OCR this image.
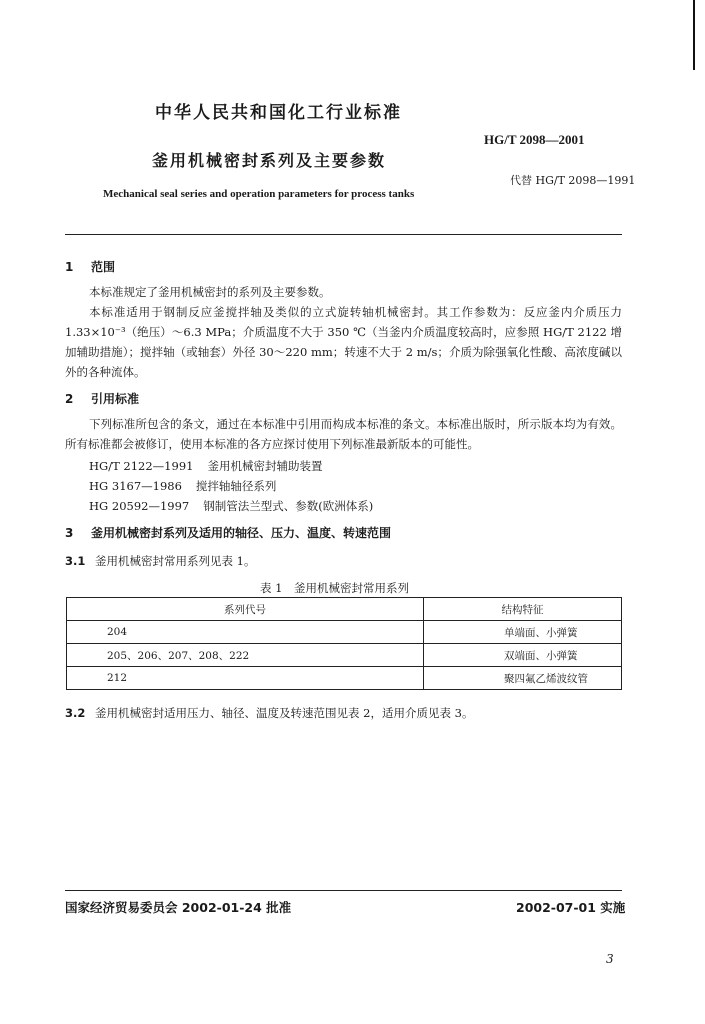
中华人民共和国化工行业标准
HG/T 2098—2001
釜用机械密封系列及主要参数
代替 HG/T 2098—1991
Mechanical seal series and operation parameters for process tanks
1 范围
本标准规定了釜用机械密封的系列及主要参数。
本标准适用于钢制反应釜搅拌轴及类似的立式旋转轴机械密封。其工作参数为：反应釜内介质压力 1.33×10⁻³（绝压）～6.3 MPa；介质温度不大于 350 ℃（当釜内介质温度较高时，应参照 HG/T 2122 增加辅助措施）；搅拌轴（或轴套）外径 30～220 mm；转速不大于 2 m/s；介质为除强氧化性酸、高浓度碱以外的各种流体。
2 引用标准
下列标准所包含的条文，通过在本标准中引用而构成本标准的条文。本标准出版时，所示版本均为有效。所有标准都会被修订，使用本标准的各方应探讨使用下列标准最新版本的可能性。
HG/T 2122—1991 釜用机械密封辅助装置
HG 3167—1986 搅拌轴轴径系列
HG 20592—1997 钢制管法兰型式、参数(欧洲体系)
3 釜用机械密封系列及适用的轴径、压力、温度、转速范围
3.1 釜用机械密封常用系列见表 1。
表 1　釜用机械密封常用系列
系列代号	结构特征
204	单端面、小弹簧
205、206、207、208、222	双端面、小弹簧
212	聚四氟乙烯波纹管
3.2 釜用机械密封适用压力、轴径、温度及转速范围见表 2，适用介质见表 3。
国家经济贸易委员会 2002-01-24 批准	2002-07-01 实施
3
